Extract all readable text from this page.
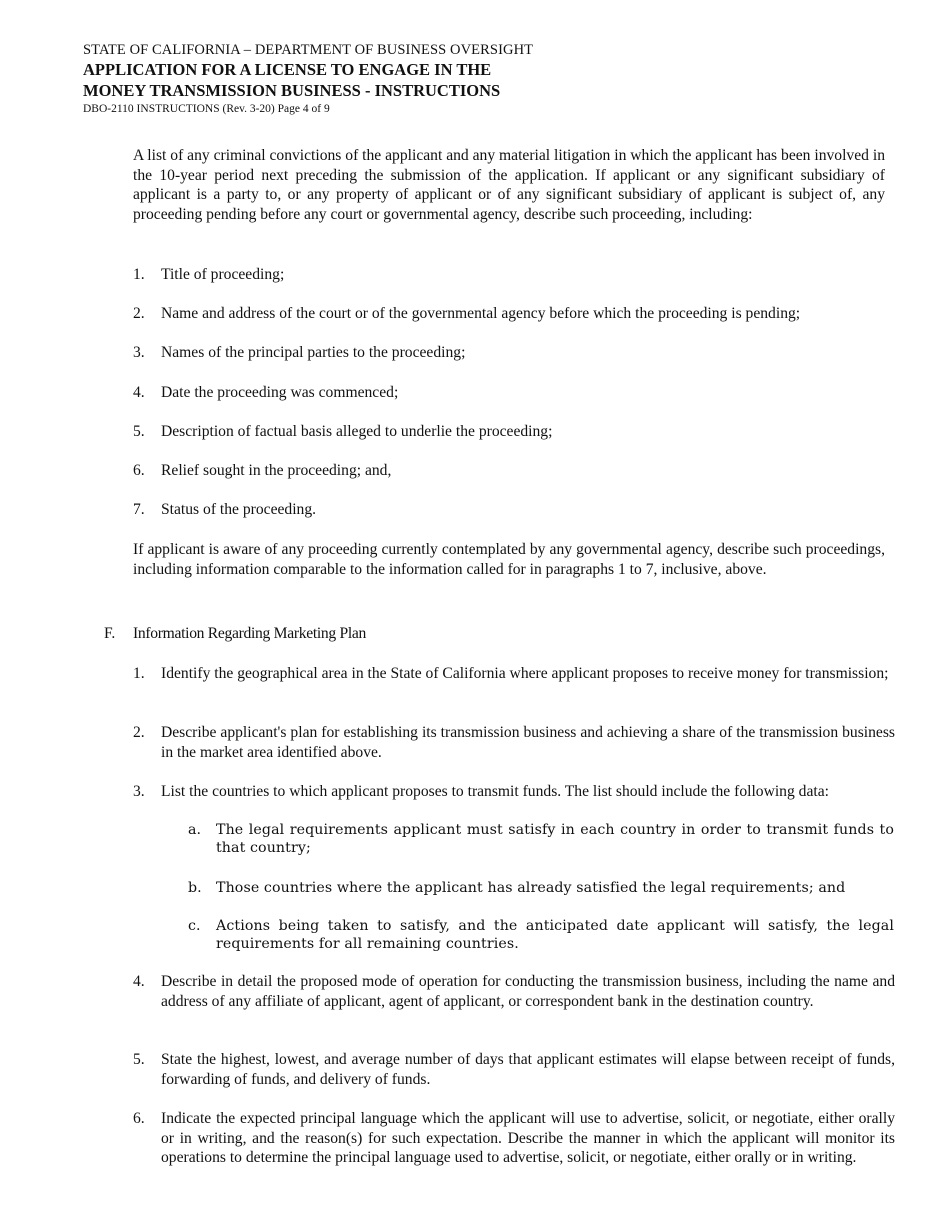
STATE OF CALIFORNIA – DEPARTMENT OF BUSINESS OVERSIGHT
APPLICATION FOR A LICENSE TO ENGAGE IN THE
MONEY TRANSMISSION BUSINESS - INSTRUCTIONS
DBO-2110 INSTRUCTIONS (Rev. 3-20) Page 4 of 9
A list of any criminal convictions of the applicant and any material litigation in which the applicant has been involved in the 10-year period next preceding the submission of the application. If applicant or any significant subsidiary of applicant is a party to, or any property of applicant or of any significant subsidiary of applicant is subject of, any proceeding pending before any court or governmental agency, describe such proceeding, including:
1. Title of proceeding;
2. Name and address of the court or of the governmental agency before which the proceeding is pending;
3. Names of the principal parties to the proceeding;
4. Date the proceeding was commenced;
5. Description of factual basis alleged to underlie the proceeding;
6. Relief sought in the proceeding; and,
7. Status of the proceeding.
If applicant is aware of any proceeding currently contemplated by any governmental agency, describe such proceedings, including information comparable to the information called for in paragraphs 1 to 7, inclusive, above.
F. Information Regarding Marketing Plan
1. Identify the geographical area in the State of California where applicant proposes to receive money for transmission;
2. Describe applicant's plan for establishing its transmission business and achieving a share of the transmission business in the market area identified above.
3. List the countries to which applicant proposes to transmit funds. The list should include the following data:
a. The legal requirements applicant must satisfy in each country in order to transmit funds to that country;
b. Those countries where the applicant has already satisfied the legal requirements; and
c. Actions being taken to satisfy, and the anticipated date applicant will satisfy, the legal requirements for all remaining countries.
4. Describe in detail the proposed mode of operation for conducting the transmission business, including the name and address of any affiliate of applicant, agent of applicant, or correspondent bank in the destination country.
5. State the highest, lowest, and average number of days that applicant estimates will elapse between receipt of funds, forwarding of funds, and delivery of funds.
6. Indicate the expected principal language which the applicant will use to advertise, solicit, or negotiate, either orally or in writing, and the reason(s) for such expectation. Describe the manner in which the applicant will monitor its operations to determine the principal language used to advertise, solicit, or negotiate, either orally or in writing.
